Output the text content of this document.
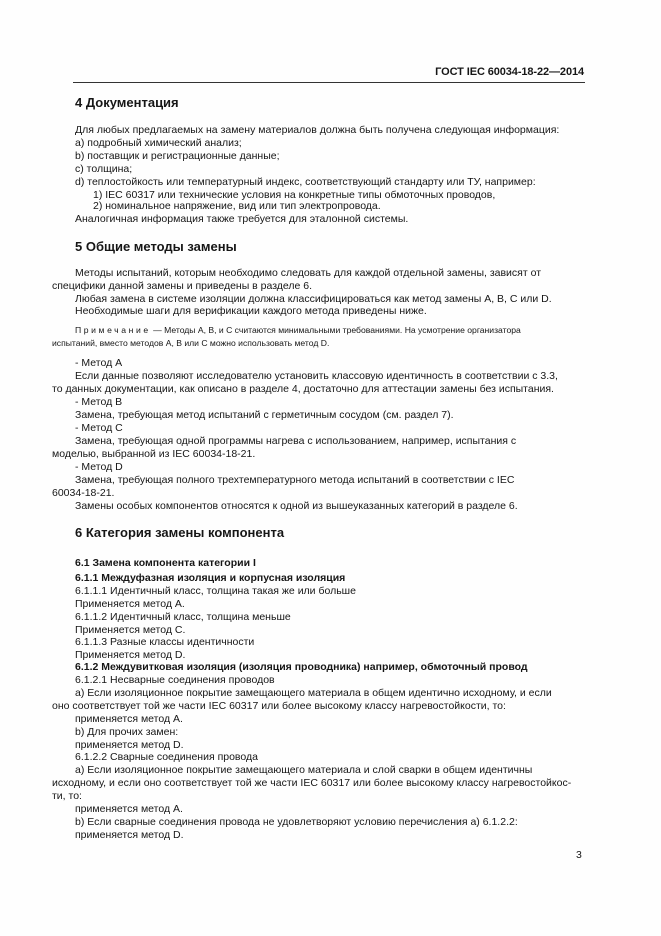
ГОСТ IEC 60034-18-22—2014
4 Документация
Для любых предлагаемых на замену материалов должна быть получена следующая информация:
a) подробный химический анализ;
b) поставщик и регистрационные данные;
c) толщина;
d) теплостойкость или температурный индекс, соответствующий стандарту или ТУ, например:
1) IEC 60317 или технические условия на конкретные типы обмоточных проводов,
2) номинальное напряжение, вид или тип электропровода.
Аналогичная информация также требуется для эталонной системы.
5 Общие методы замены
Методы испытаний, которым необходимо следовать для каждой отдельной замены, зависят от
специфики данной замены и приведены в разделе 6.
Любая замена в системе изоляции должна классифицироваться как метод замены A, B, C или D.
Необходимые шаги для верификации каждого метода приведены ниже.
Примечание — Методы А, В, и С считаются минимальными требованиями. На усмотрение организатора
испытаний, вместо методов А, В или С можно использовать метод D.
- Метод А
Если данные позволяют исследователю установить классовую идентичность в соответствии с 3.3,
то данных документации, как описано в разделе 4, достаточно для аттестации замены без испытания.
- Метод В
Замена, требующая метод испытаний с герметичным сосудом (см. раздел 7).
- Метод С
Замена, требующая одной программы нагрева с использованием, например, испытания с
моделью, выбранной из IEC 60034-18-21.
- Метод D
Замена, требующая полного трехтемпературного метода испытаний в соответствии с IEC
60034-18-21.
Замены особых компонентов относятся к одной из вышеуказанных категорий в разделе 6.
6 Категория замены компонента
6.1 Замена компонента категории I
6.1.1 Междуфазная изоляция и корпусная изоляция
6.1.1.1 Идентичный класс, толщина такая же или больше
Применяется метод А.
6.1.1.2 Идентичный класс, толщина меньше
Применяется метод С.
6.1.1.3 Разные классы идентичности
Применяется метод D.
6.1.2 Междувитковая изоляция (изоляция проводника) например, обмоточный провод
6.1.2.1 Несварные соединения проводов
a) Если изоляционное покрытие замещающего материала в общем идентично исходному, и если
оно соответствует той же части IEC 60317 или более высокому классу нагревостойкости, то:
применяется метод А.
b) Для прочих замен:
применяется метод D.
6.1.2.2 Сварные соединения провода
a) Если изоляционное покрытие замещающего материала и слой сварки в общем идентичны
исходному, и если оно соответствует той же части IEC 60317 или более высокому классу нагревостойкос-
ти, то:
применяется метод А.
b) Если сварные соединения провода не удовлетворяют условию перечисления a) 6.1.2.2:
применяется метод D.
3
